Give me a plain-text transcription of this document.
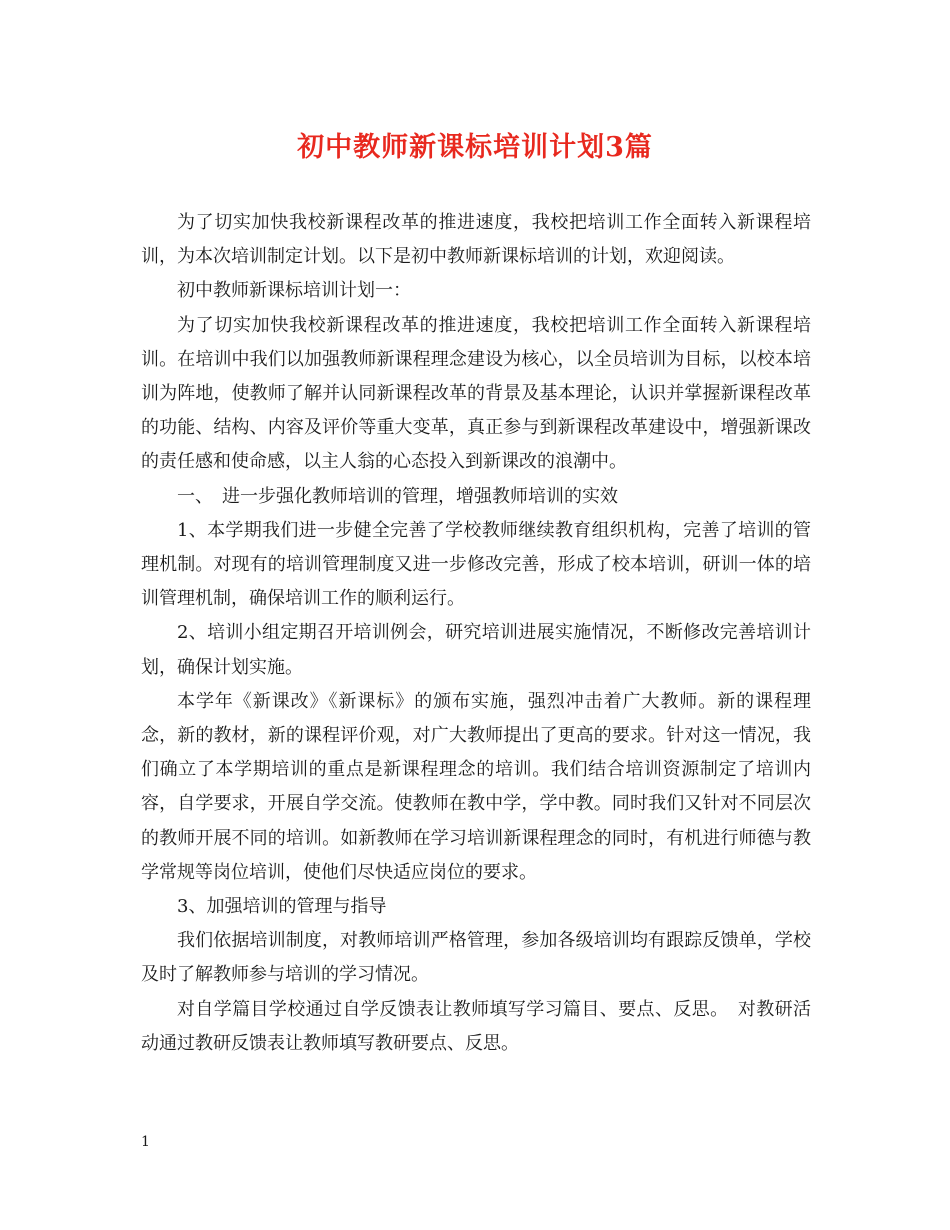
初中教师新课标培训计划3篇

为了切实加快我校新课程改革的推进速度，我校把培训工作全面转入新课程培训，为本次培训制定计划。以下是初中教师新课标培训的计划，欢迎阅读。

初中教师新课标培训计划一：

为了切实加快我校新课程改革的推进速度，我校把培训工作全面转入新课程培训。在培训中我们以加强教师新课程理念建设为核心，以全员培训为目标，以校本培训为阵地，使教师了解并认同新课程改革的背景及基本理论，认识并掌握新课程改革的功能、结构、内容及评价等重大变革，真正参与到新课程改革建设中，增强新课改的责任感和使命感，以主人翁的心态投入到新课改的浪潮中。

一、　进一步强化教师培训的管理，增强教师培训的实效

1、本学期我们进一步健全完善了学校教师继续教育组织机构，完善了培训的管理机制。对现有的培训管理制度又进一步修改完善，形成了校本培训，研训一体的培训管理机制，确保培训工作的顺利运行。

2、培训小组定期召开培训例会，研究培训进展实施情况，不断修改完善培训计划，确保计划实施。

本学年《新课改》《新课标》的颁布实施，强烈冲击着广大教师。新的课程理念，新的教材，新的课程评价观，对广大教师提出了更高的要求。针对这一情况，我们确立了本学期培训的重点是新课程理念的培训。我们结合培训资源制定了培训内容，自学要求，开展自学交流。使教师在教中学，学中教。同时我们又针对不同层次的教师开展不同的培训。如新教师在学习培训新课程理念的同时，有机进行师德与教学常规等岗位培训，使他们尽快适应岗位的要求。

3、加强培训的管理与指导

我们依据培训制度，对教师培训严格管理，参加各级培训均有跟踪反馈单，学校及时了解教师参与培训的学习情况。

对自学篇目学校通过自学反馈表让教师填写学习篇目、要点、反思。　对教研活动通过教研反馈表让教师填写教研要点、反思。

1
